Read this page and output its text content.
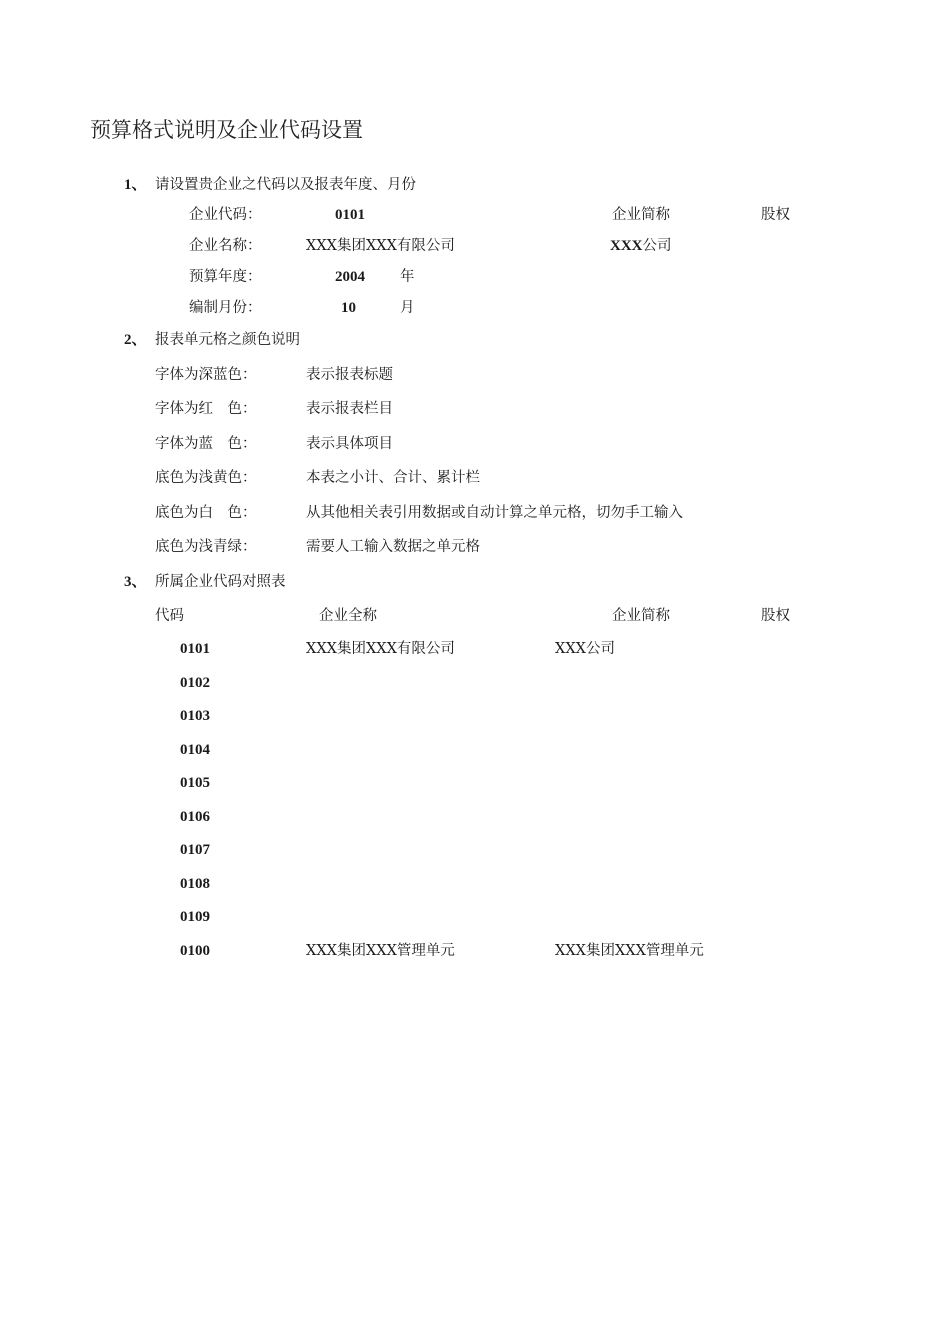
预算格式说明及企业代码设置
1、 请设置贵企业之代码以及报表年度、月份
企业代码：	0101	企业简称	股权
企业名称：	XXX集团XXX有限公司	XXX公司
预算年度：	2004 年
编制月份：	10	月
2、 报表单元格之颜色说明
字体为深蓝色：	表示报表标题
字体为红　色：	表示报表栏目
字体为蓝　色：	表示具体项目
底色为浅黄色：	本表之小计、合计、累计栏
底色为白　色：	从其他相关表引用数据或自动计算之单元格，切勿手工输入
底色为浅青绿：	需要人工输入数据之单元格
3、 所属企业代码对照表
代码	企业全称	企业简称	股权
0101	XXX集团XXX有限公司	XXX公司
0102
0103
0104
0105
0106
0107
0108
0109
0100	XXX集团XXX管理单元	XXX集团XXX管理单元
